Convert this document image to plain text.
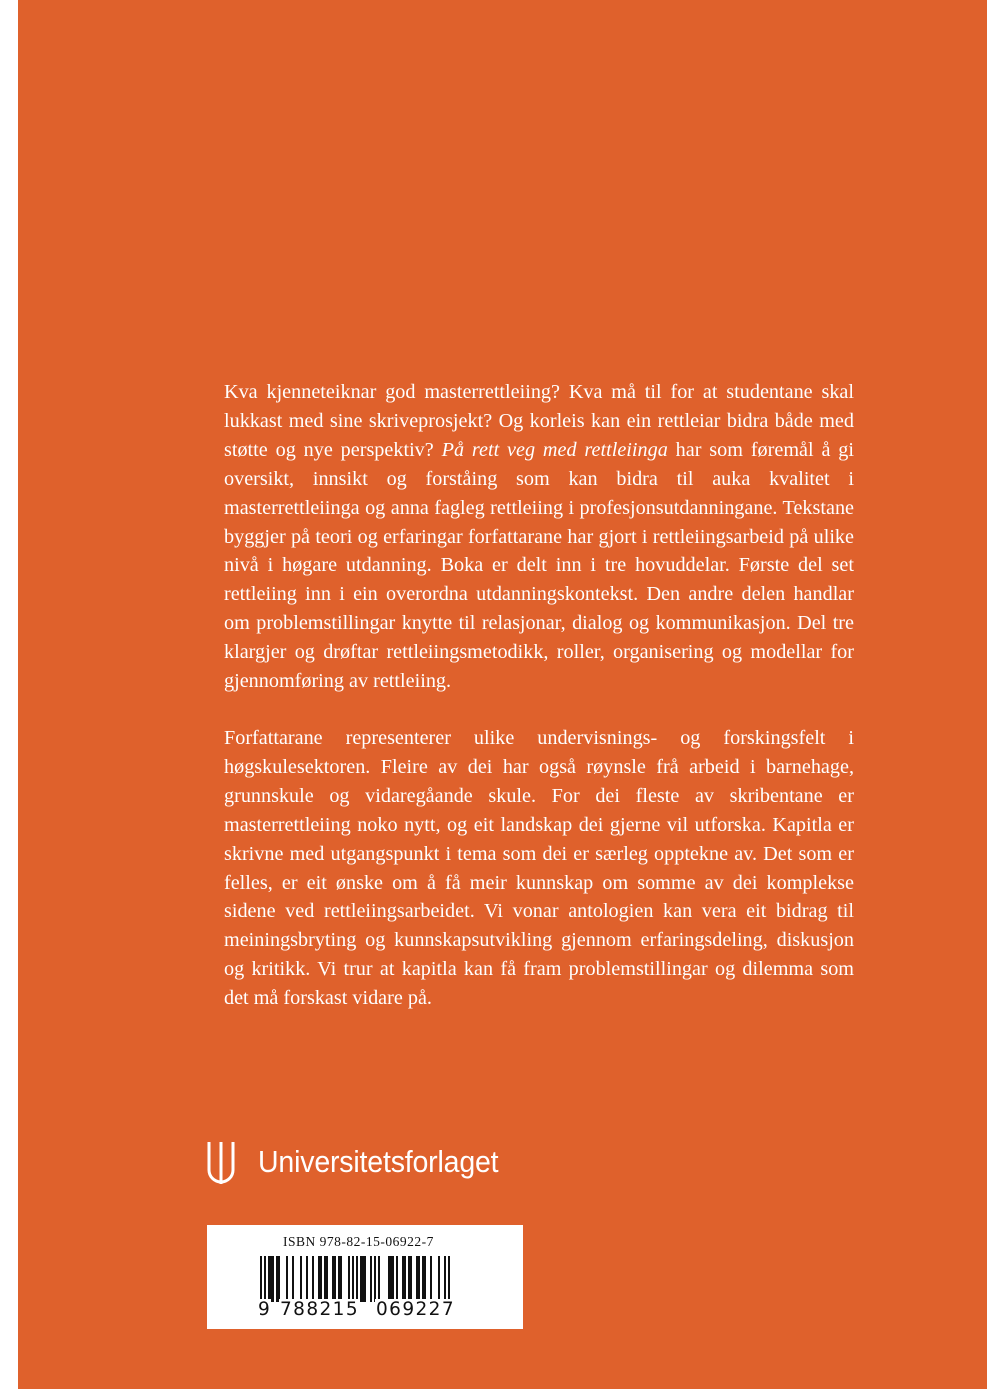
Kva kjenneteiknar god masterrettleiing? Kva må til for at studentane skal lukkast med sine skriveprosjekt? Og korleis kan ein rettleiar bidra både med støtte og nye perspektiv? På rett veg med rettleiinga har som føremål å gi oversikt, innsikt og forståing som kan bidra til auka kvalitet i masterrettleiinga og anna fagleg rettleiing i profesjonsutdanningane. Tekstane byggjer på teori og erfaringar forfattarane har gjort i rettleiingsarbeid på ulike nivå i høgare utdanning. Boka er delt inn i tre hovuddelar. Første del set rettleiing inn i ein overordna utdanningskontekst. Den andre delen handlar om problemstillingar knytte til relasjonar, dialog og kommunikasjon. Del tre klargjer og drøftar rettleiingsmetodikk, roller, organisering og modellar for gjennomføring av rettleiing.

Forfattarane representerer ulike undervisnings- og forskingsfelt i høgskulesektoren. Fleire av dei har også røynsle frå arbeid i barnehage, grunnskule og vidaregåande skule. For dei fleste av skribentane er masterrettleiing noko nytt, og eit landskap dei gjerne vil utforska. Kapitla er skrivne med utgangspunkt i tema som dei er særleg opptekne av. Det som er felles, er eit ønske om å få meir kunnskap om somme av dei komplekse sidene ved rettleiingsarbeidet. Vi vonar antologien kan vera eit bidrag til meiningsbryting og kunnskapsutvikling gjennom erfaringsdeling, diskusjon og kritikk. Vi trur at kapitla kan få fram problemstillingar og dilemma som det må forskast vidare på.

Universitetsforlaget
ISBN 978-82-15-06922-7
9 788215 069227
